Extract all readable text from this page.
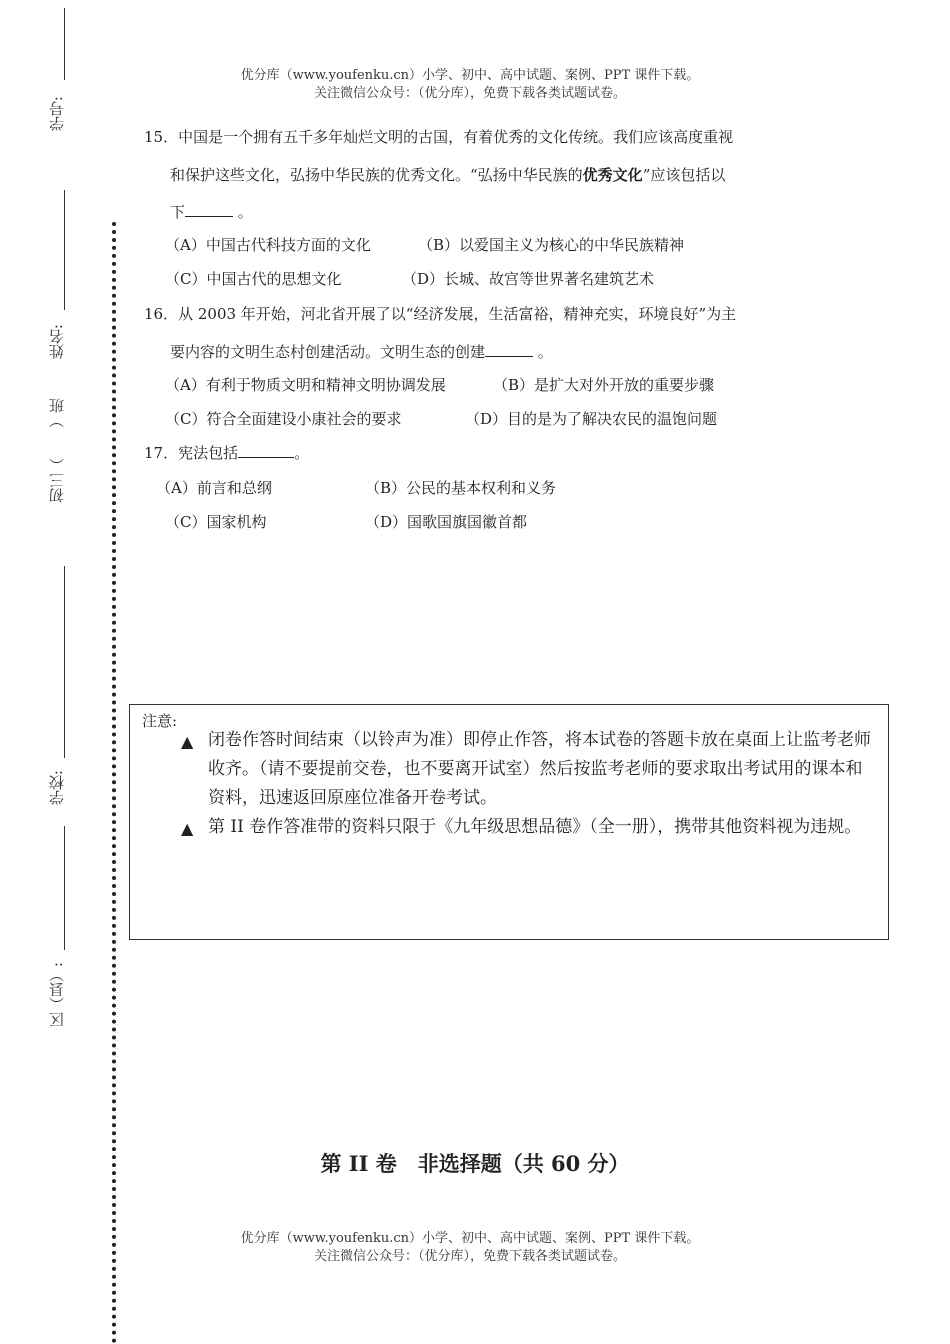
优分库（www.youfenku.cn）小学、初中、高中试题、案例、PPT 课件下载。
关注微信公众号：（优分库），免费下载各类试题试卷。
学号:
姓名:
初三（　　）班
学校:
区（县）:
15．中国是一个拥有五千多年灿烂文明的古国，有着优秀的文化传统。我们应该高度重视
和保护这些文化，弘扬中华民族的优秀文化。“弘扬中华民族的优秀文化”应该包括以
下	。
（A）中国古代科技方面的文化	（B）以爱国主义为核心的中华民族精神
（C）中国古代的思想文化	（D）长城、故宫等世界著名建筑艺术
16．从 2003 年开始，河北省开展了以“经济发展，生活富裕，精神充实，环境良好”为主
要内容的文明生态村创建活动。文明生态的创建	。
（A）有利于物质文明和精神文明协调发展	（B）是扩大对外开放的重要步骤
（C）符合全面建设小康社会的要求	（D）目的是为了解决农民的温饱问题
17．宪法包括	。
（A）前言和总纲	（B）公民的基本权利和义务
（C）国家机构	（D）国歌国旗国徽首都
注意:
▲ 闭卷作答时间结束（以铃声为准）即停止作答，将本试卷的答题卡放在桌面上让监考老师收齐。（请不要提前交卷，也不要离开试室）然后按监考老师的要求取出考试用的课本和资料，迅速返回原座位准备开卷考试。
▲ 第 II 卷作答准带的资料只限于《九年级思想品德》（全一册），携带其他资料视为违规。
第 II 卷　非选择题（共 60 分）
优分库（www.youfenku.cn）小学、初中、高中试题、案例、PPT 课件下载。
关注微信公众号：（优分库），免费下载各类试题试卷。
